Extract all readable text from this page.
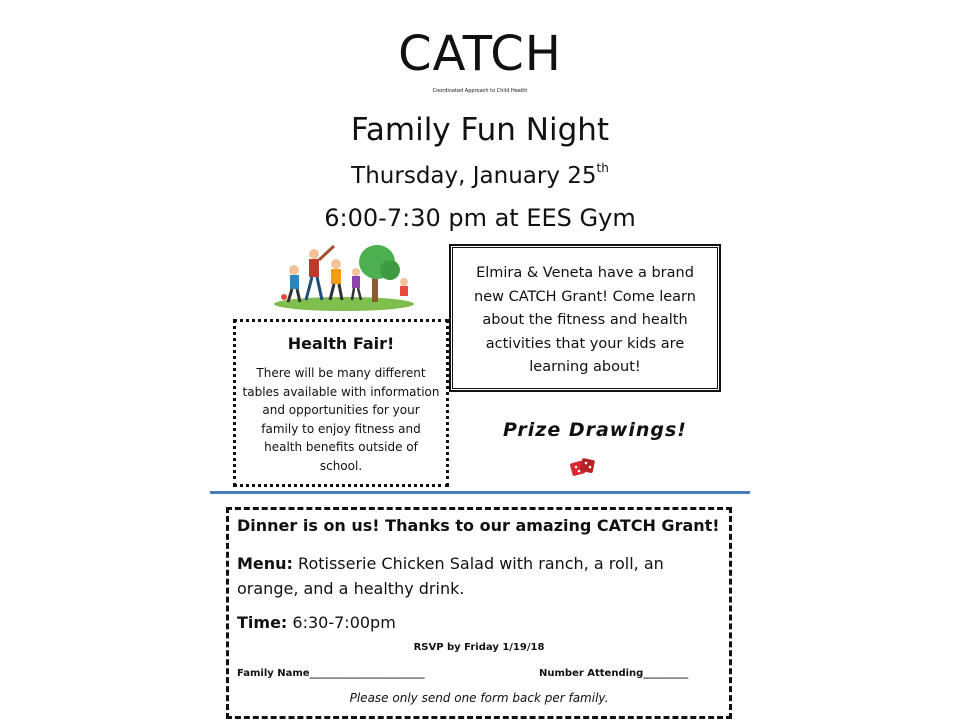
CATCH
Coordinated Approach to Child Health
Family Fun Night
Thursday, January 25th
6:00-7:30 pm at EES Gym
Elmira & Veneta have a brand new CATCH Grant! Come learn about the fitness and health activities that your kids are learning about!
Health Fair!
There will be many different tables available with information and opportunities for your family to enjoy fitness and health benefits outside of school.
Prize Drawings!
Dinner is on us! Thanks to our amazing CATCH Grant!
Menu: Rotisserie Chicken Salad with ranch, a roll, an orange, and a healthy drink.
Time: 6:30-7:00pm
RSVP by Friday 1/19/18
Family Name_______________________	Number Attending_________
Please only send one form back per family.
